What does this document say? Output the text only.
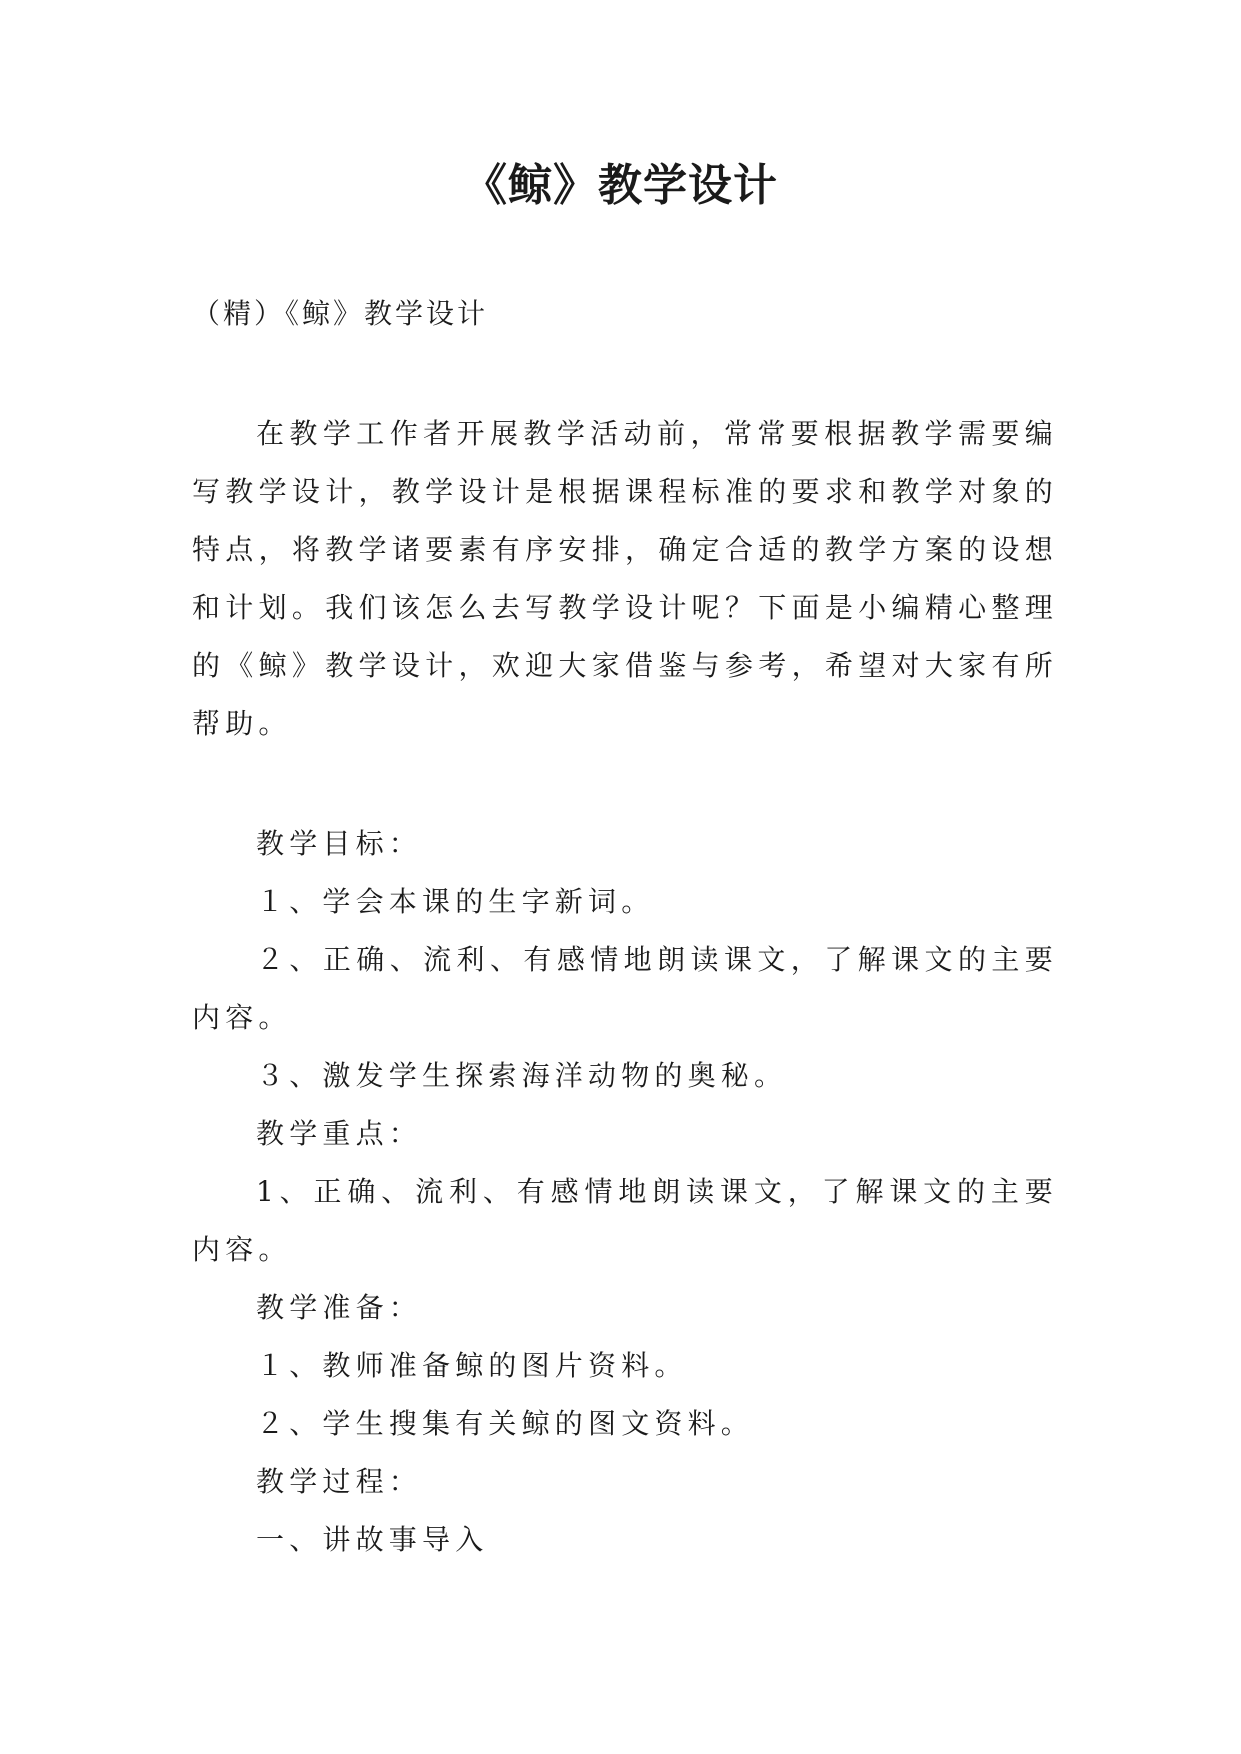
《鲸》教学设计
（精）《鲸》教学设计

在教学工作者开展教学活动前，常常要根据教学需要编写教学设计，教学设计是根据课程标准的要求和教学对象的特点，将教学诸要素有序安排，确定合适的教学方案的设想和计划。我们该怎么去写教学设计呢？下面是小编精心整理的《鲸》教学设计，欢迎大家借鉴与参考，希望对大家有所帮助。

教学目标：

１、学会本课的生字新词。

２、正确、流利、有感情地朗读课文，了解课文的主要内容。

３、激发学生探索海洋动物的奥秘。

教学重点：

1、正确、流利、有感情地朗读课文，了解课文的主要内容。

教学准备：

１、教师准备鲸的图片资料。

２、学生搜集有关鲸的图文资料。

教学过程：

一、讲故事导入
